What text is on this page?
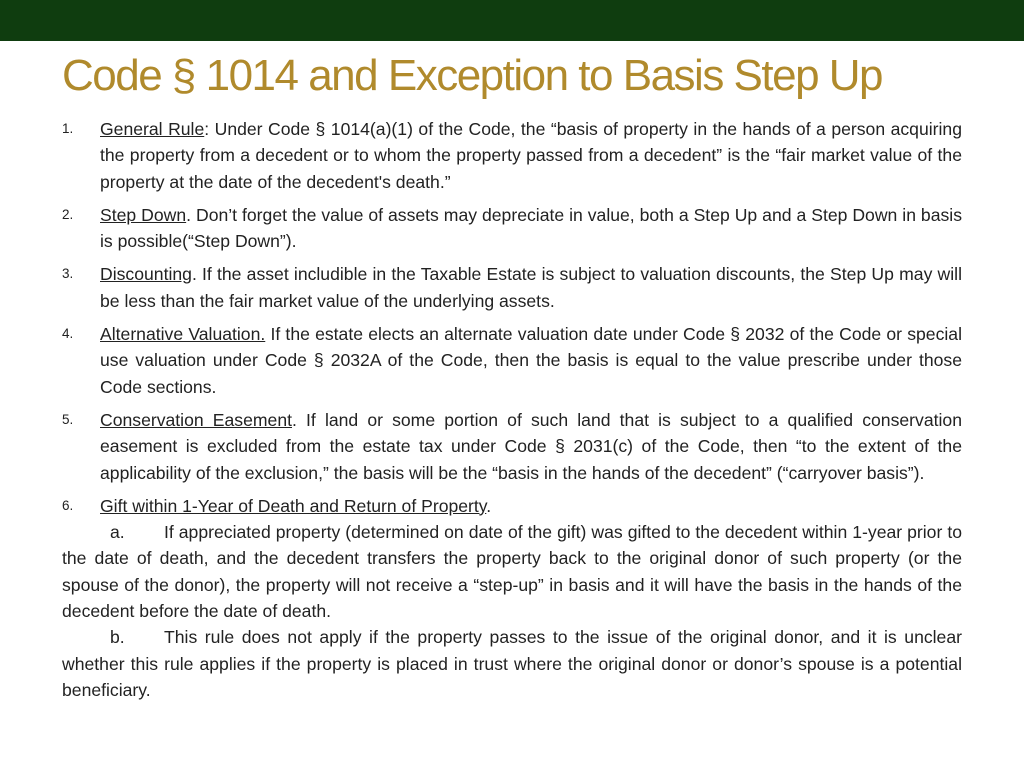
Code § 1014 and Exception to Basis Step Up
1. General Rule: Under Code § 1014(a)(1) of the Code, the “basis of property in the hands of a person acquiring the property from a decedent or to whom the property passed from a decedent” is the “fair market value of the property at the date of the decedent's death.”
2. Step Down. Don’t forget the value of assets may depreciate in value, both a Step Up and a Step Down in basis is possible(“Step Down”).
3. Discounting. If the asset includible in the Taxable Estate is subject to valuation discounts, the Step Up may will be less than the fair market value of the underlying assets.
4. Alternative Valuation. If the estate elects an alternate valuation date under Code § 2032 of the Code or special use valuation under Code § 2032A of the Code, then the basis is equal to the value prescribe under those Code sections.
5. Conservation Easement. If land or some portion of such land that is subject to a qualified conservation easement is excluded from the estate tax under Code § 2031(c) of the Code, then “to the extent of the applicability of the exclusion,” the basis will be the “basis in the hands of the decedent” (“carryover basis”).
6. Gift within 1-Year of Death and Return of Property.
a. If appreciated property (determined on date of the gift) was gifted to the decedent within 1-year prior to the date of death, and the decedent transfers the property back to the original donor of such property (or the spouse of the donor), the property will not receive a “step-up” in basis and it will have the basis in the hands of the decedent before the date of death.
b. This rule does not apply if the property passes to the issue of the original donor, and it is unclear whether this rule applies if the property is placed in trust where the original donor or donor’s spouse is a potential beneficiary.
